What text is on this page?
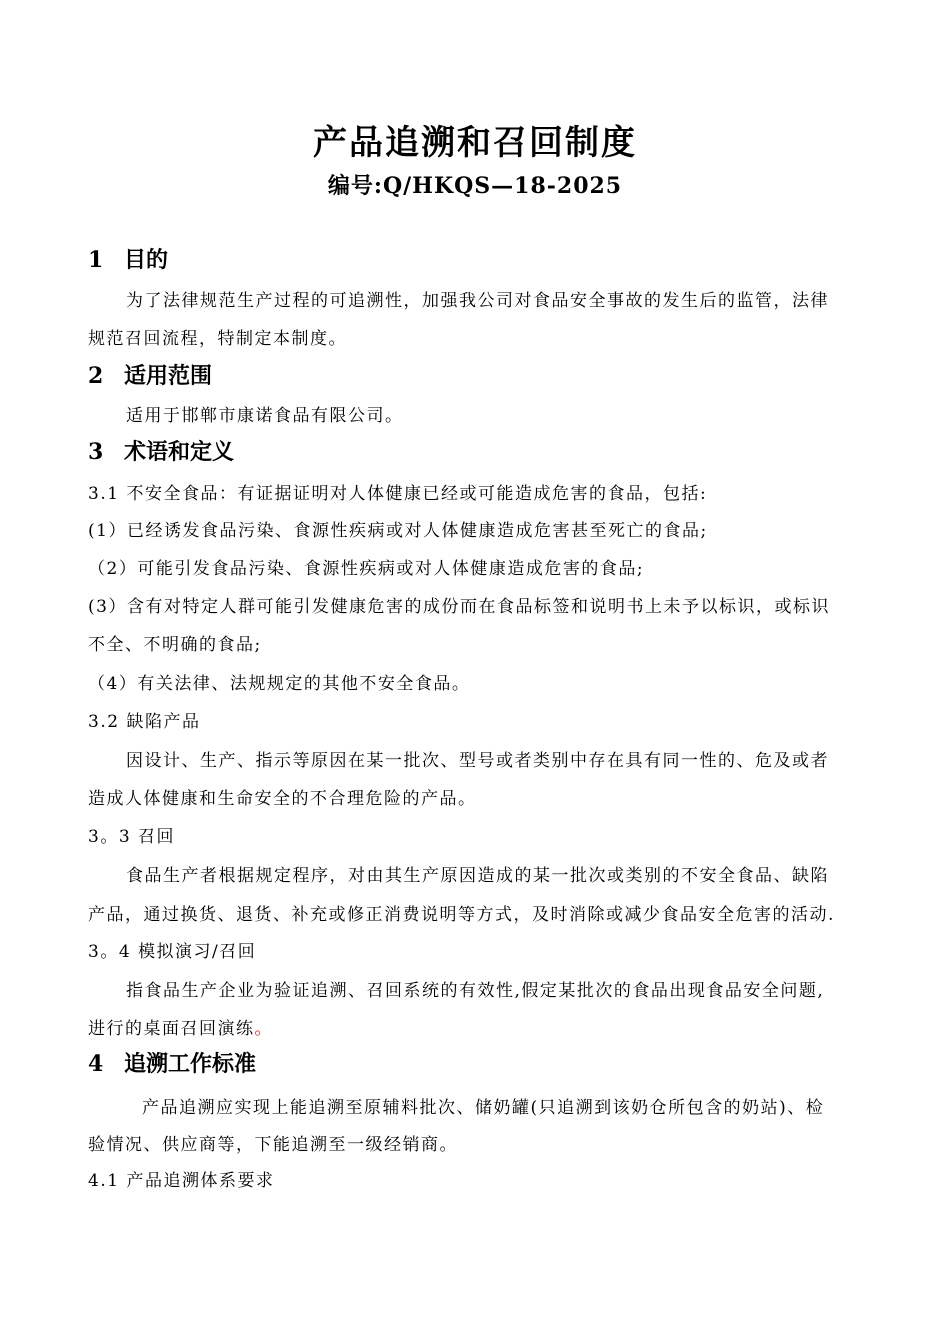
产品追溯和召回制度
编号:Q/HKQS—18-2025
1 目的
为了法律规范生产过程的可追溯性，加强我公司对食品安全事故的发生后的监管，法律
规范召回流程，特制定本制度。
2 适用范围
适用于邯郸市康诺食品有限公司。
3 术语和定义
3.1 不安全食品：有证据证明对人体健康已经或可能造成危害的食品，包括:
(1）已经诱发食品污染、食源性疾病或对人体健康造成危害甚至死亡的食品;
（2）可能引发食品污染、食源性疾病或对人体健康造成危害的食品;
(3）含有对特定人群可能引发健康危害的成份而在食品标签和说明书上未予以标识，或标识
不全、不明确的食品;
（4）有关法律、法规规定的其他不安全食品。
3.2 缺陷产品
因设计、生产、指示等原因在某一批次、型号或者类别中存在具有同一性的、危及或者
造成人体健康和生命安全的不合理危险的产品。
3。3 召回
食品生产者根据规定程序，对由其生产原因造成的某一批次或类别的不安全食品、缺陷
产品，通过换货、退货、补充或修正消费说明等方式，及时消除或减少食品安全危害的活动.
3。4 模拟演习/召回
指食品生产企业为验证追溯、召回系统的有效性,假定某批次的食品出现食品安全问题,
进行的桌面召回演练。
4 追溯工作标准
产品追溯应实现上能追溯至原辅料批次、储奶罐(只追溯到该奶仓所包含的奶站)、检
验情况、供应商等，下能追溯至一级经销商。
4.1 产品追溯体系要求
